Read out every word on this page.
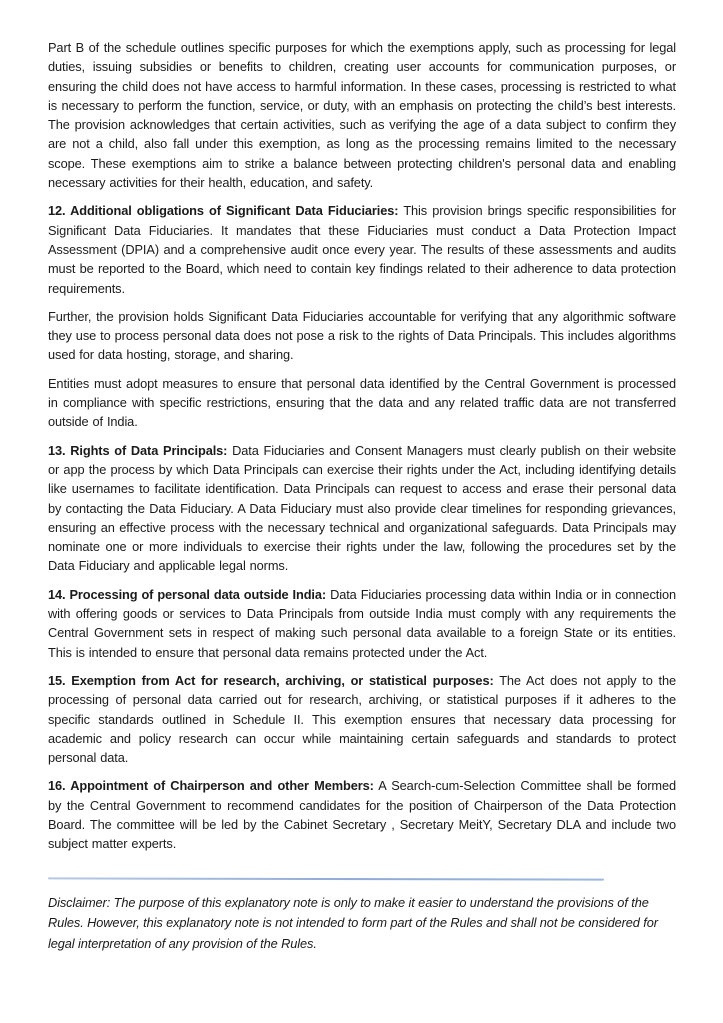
Part B of the schedule outlines specific purposes for which the exemptions apply, such as processing for legal duties, issuing subsidies or benefits to children, creating user accounts for communication purposes, or ensuring the child does not have access to harmful information. In these cases, processing is restricted to what is necessary to perform the function, service, or duty, with an emphasis on protecting the child’s best interests. The provision acknowledges that certain activities, such as verifying the age of a data subject to confirm they are not a child, also fall under this exemption, as long as the processing remains limited to the necessary scope. These exemptions aim to strike a balance between protecting children's personal data and enabling necessary activities for their health, education, and safety.

12. Additional obligations of Significant Data Fiduciaries: This provision brings specific responsibilities for Significant Data Fiduciaries. It mandates that these Fiduciaries must conduct a Data Protection Impact Assessment (DPIA) and a comprehensive audit once every year. The results of these assessments and audits must be reported to the Board, which need to contain key findings related to their adherence to data protection requirements.

Further, the provision holds Significant Data Fiduciaries accountable for verifying that any algorithmic software they use to process personal data does not pose a risk to the rights of Data Principals. This includes algorithms used for data hosting, storage, and sharing.

Entities must adopt measures to ensure that personal data identified by the Central Government is processed in compliance with specific restrictions, ensuring that the data and any related traffic data are not transferred outside of India.

13. Rights of Data Principals: Data Fiduciaries and Consent Managers must clearly publish on their website or app the process by which Data Principals can exercise their rights under the Act, including identifying details like usernames to facilitate identification. Data Principals can request to access and erase their personal data by contacting the Data Fiduciary. A Data Fiduciary must also provide clear timelines for responding grievances, ensuring an effective process with the necessary technical and organizational safeguards. Data Principals may nominate one or more individuals to exercise their rights under the law, following the procedures set by the Data Fiduciary and applicable legal norms.

14. Processing of personal data outside India: Data Fiduciaries processing data within India or in connection with offering goods or services to Data Principals from outside India must comply with any requirements the Central Government sets in respect of making such personal data available to a foreign State or its entities. This is intended to ensure that personal data remains protected under the Act.

15. Exemption from Act for research, archiving, or statistical purposes: The Act does not apply to the processing of personal data carried out for research, archiving, or statistical purposes if it adheres to the specific standards outlined in Schedule II. This exemption ensures that necessary data processing for academic and policy research can occur while maintaining certain safeguards and standards to protect personal data.

16. Appointment of Chairperson and other Members: A Search-cum-Selection Committee shall be formed by the Central Government to recommend candidates for the position of Chairperson of the Data Protection Board. The committee will be led by the Cabinet Secretary , Secretary MeitY, Secretary DLA and include two subject matter experts.

Disclaimer: The purpose of this explanatory note is only to make it easier to understand the provisions of the Rules. However, this explanatory note is not intended to form part of the Rules and shall not be considered for legal interpretation of any provision of the Rules.
